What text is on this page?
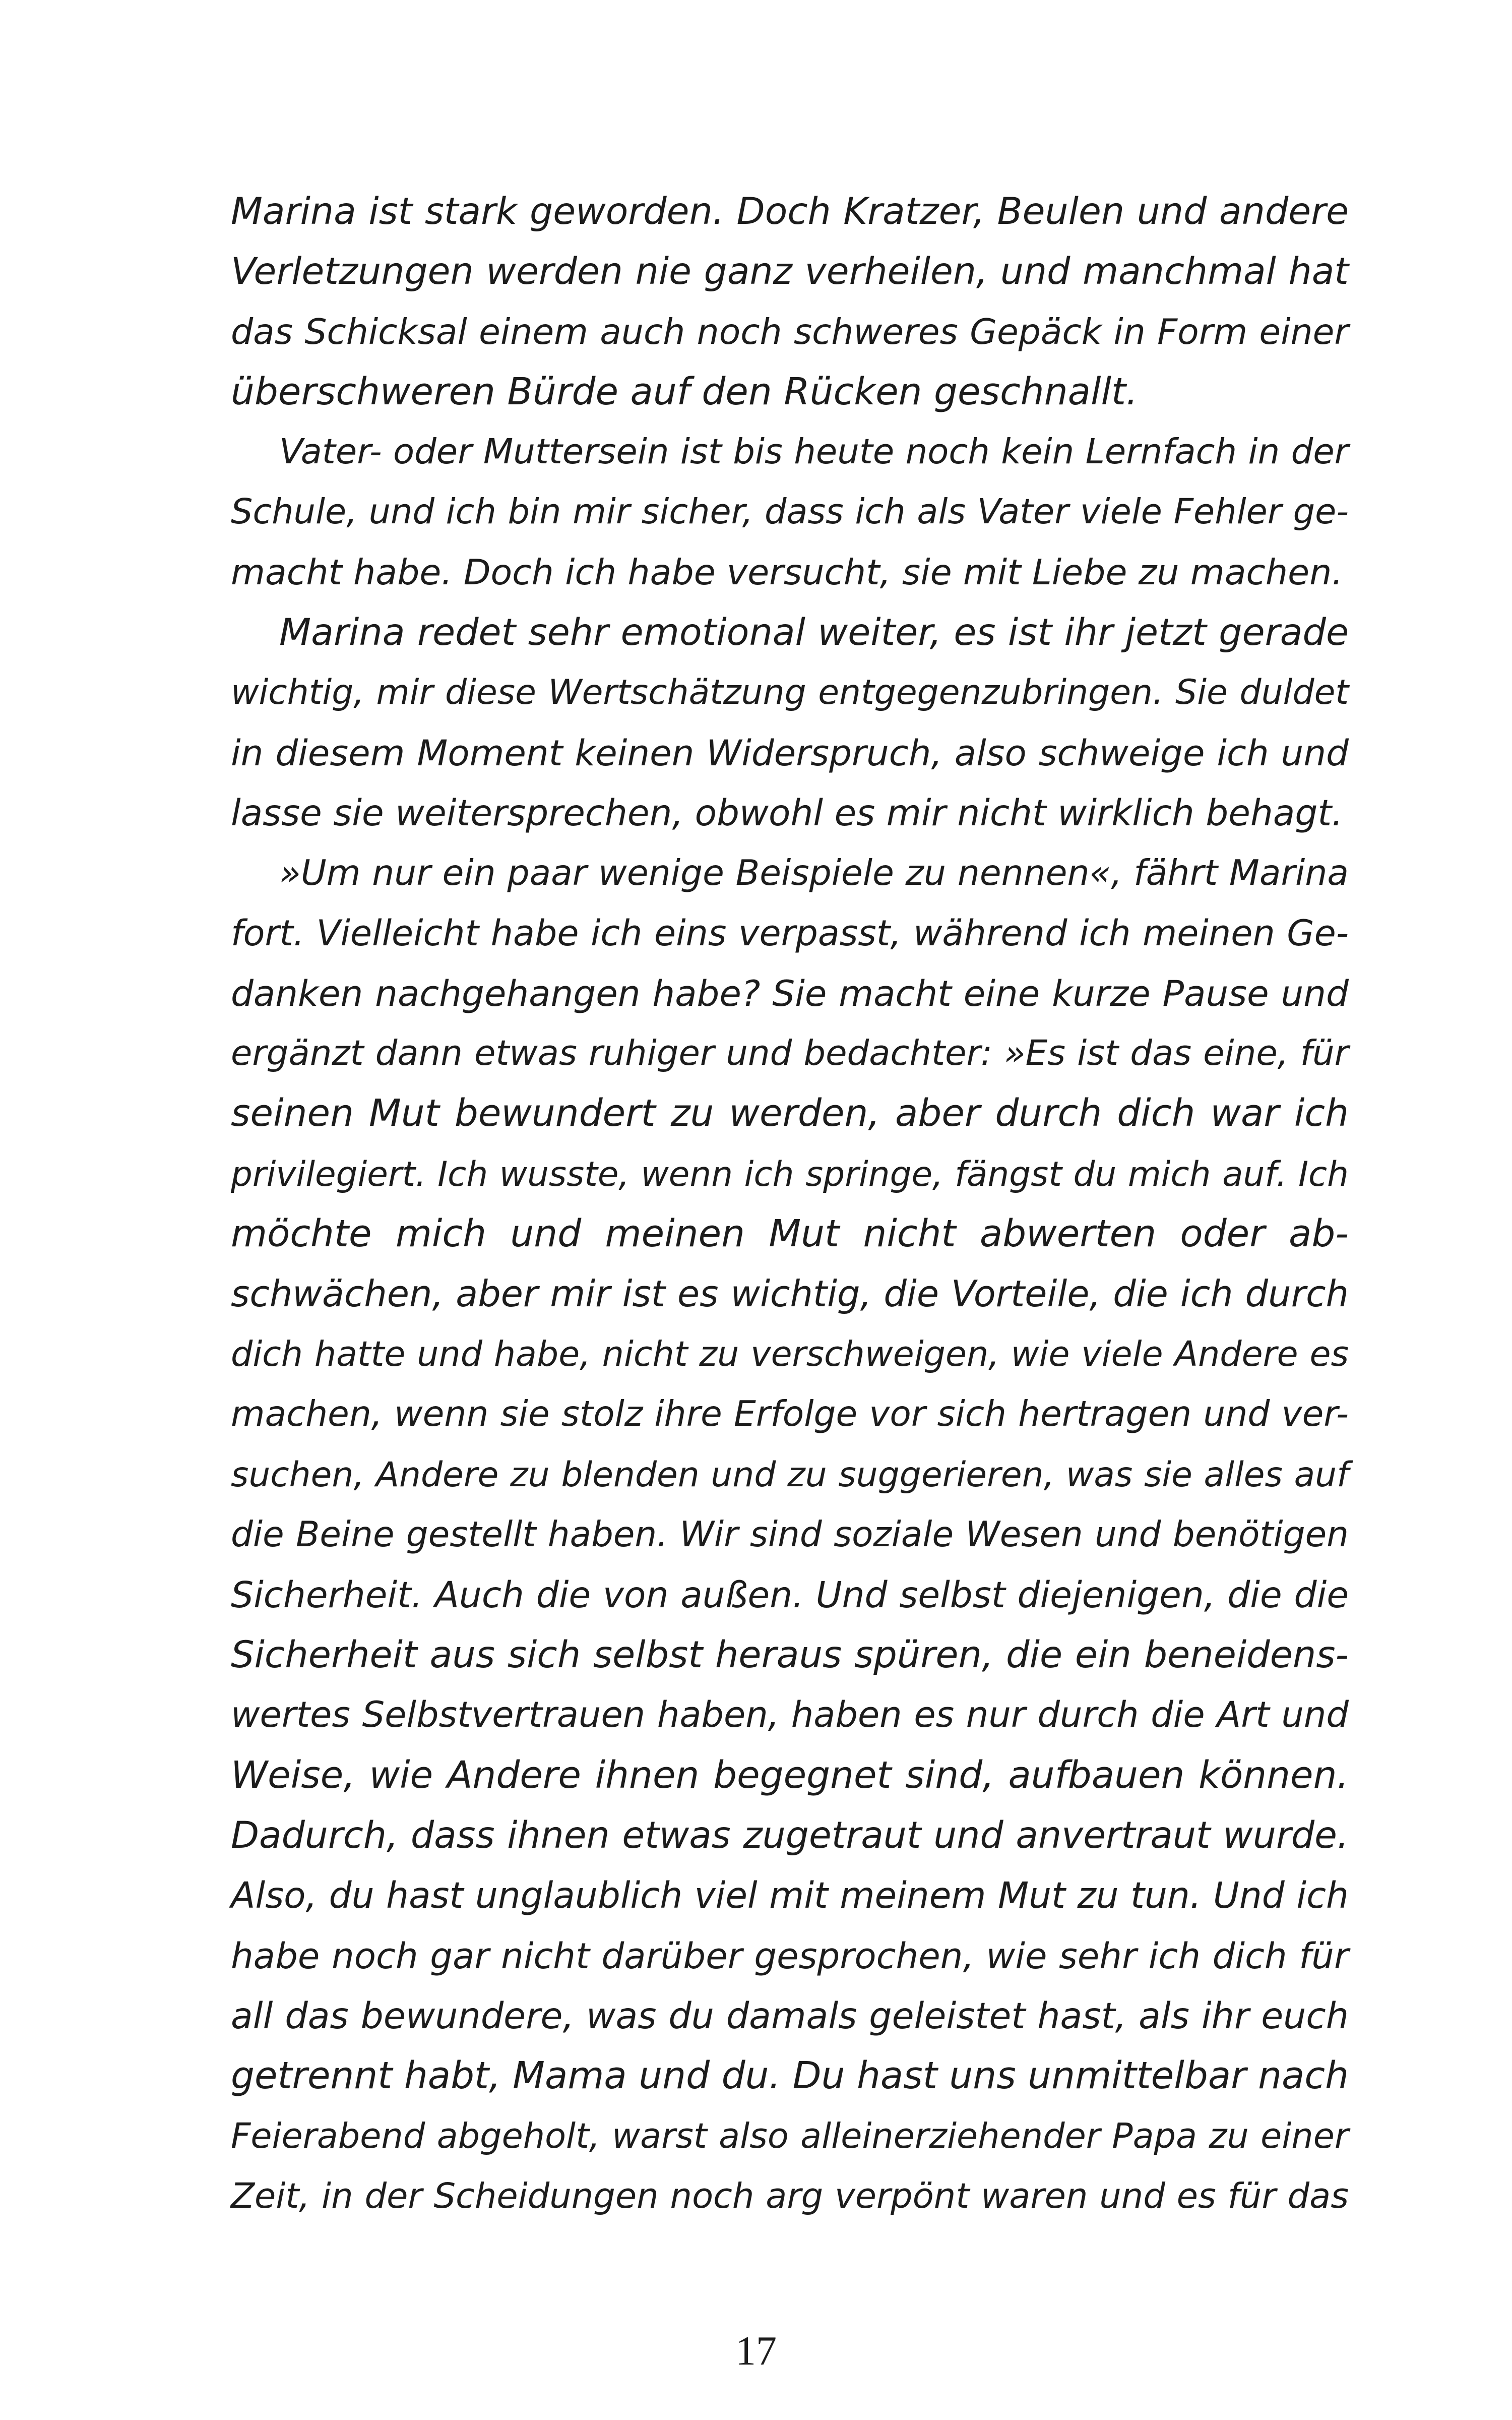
Marina ist stark geworden. Doch Kratzer, Beulen und andere
Verletzungen werden nie ganz verheilen, und manchmal hat
das Schicksal einem auch noch schweres Gepäck in Form einer
überschweren Bürde auf den Rücken geschnallt.
Vater- oder Muttersein ist bis heute noch kein Lernfach in der
Schule, und ich bin mir sicher, dass ich als Vater viele Fehler ge-
macht habe. Doch ich habe versucht, sie mit Liebe zu machen.
Marina redet sehr emotional weiter, es ist ihr jetzt gerade
wichtig, mir diese Wertschätzung entgegenzubringen. Sie duldet
in diesem Moment keinen Widerspruch, also schweige ich und
lasse sie weitersprechen, obwohl es mir nicht wirklich behagt.
»Um nur ein paar wenige Beispiele zu nennen«, fährt Marina
fort. Vielleicht habe ich eins verpasst, während ich meinen Ge-
danken nachgehangen habe? Sie macht eine kurze Pause und
ergänzt dann etwas ruhiger und bedachter: »Es ist das eine, für
seinen Mut bewundert zu werden, aber durch dich war ich
privilegiert. Ich wusste, wenn ich springe, fängst du mich auf. Ich
möchte mich und meinen Mut nicht abwerten oder ab-
schwächen, aber mir ist es wichtig, die Vorteile, die ich durch
dich hatte und habe, nicht zu verschweigen, wie viele Andere es
machen, wenn sie stolz ihre Erfolge vor sich hertragen und ver-
suchen, Andere zu blenden und zu suggerieren, was sie alles auf
die Beine gestellt haben. Wir sind soziale Wesen und benötigen
Sicherheit. Auch die von außen. Und selbst diejenigen, die die
Sicherheit aus sich selbst heraus spüren, die ein beneidens-
wertes Selbstvertrauen haben, haben es nur durch die Art und
Weise, wie Andere ihnen begegnet sind, aufbauen können.
Dadurch, dass ihnen etwas zugetraut und anvertraut wurde.
Also, du hast unglaublich viel mit meinem Mut zu tun. Und ich
habe noch gar nicht darüber gesprochen, wie sehr ich dich für
all das bewundere, was du damals geleistet hast, als ihr euch
getrennt habt, Mama und du. Du hast uns unmittelbar nach
Feierabend abgeholt, warst also alleinerziehender Papa zu einer
Zeit, in der Scheidungen noch arg verpönt waren und es für das
17
